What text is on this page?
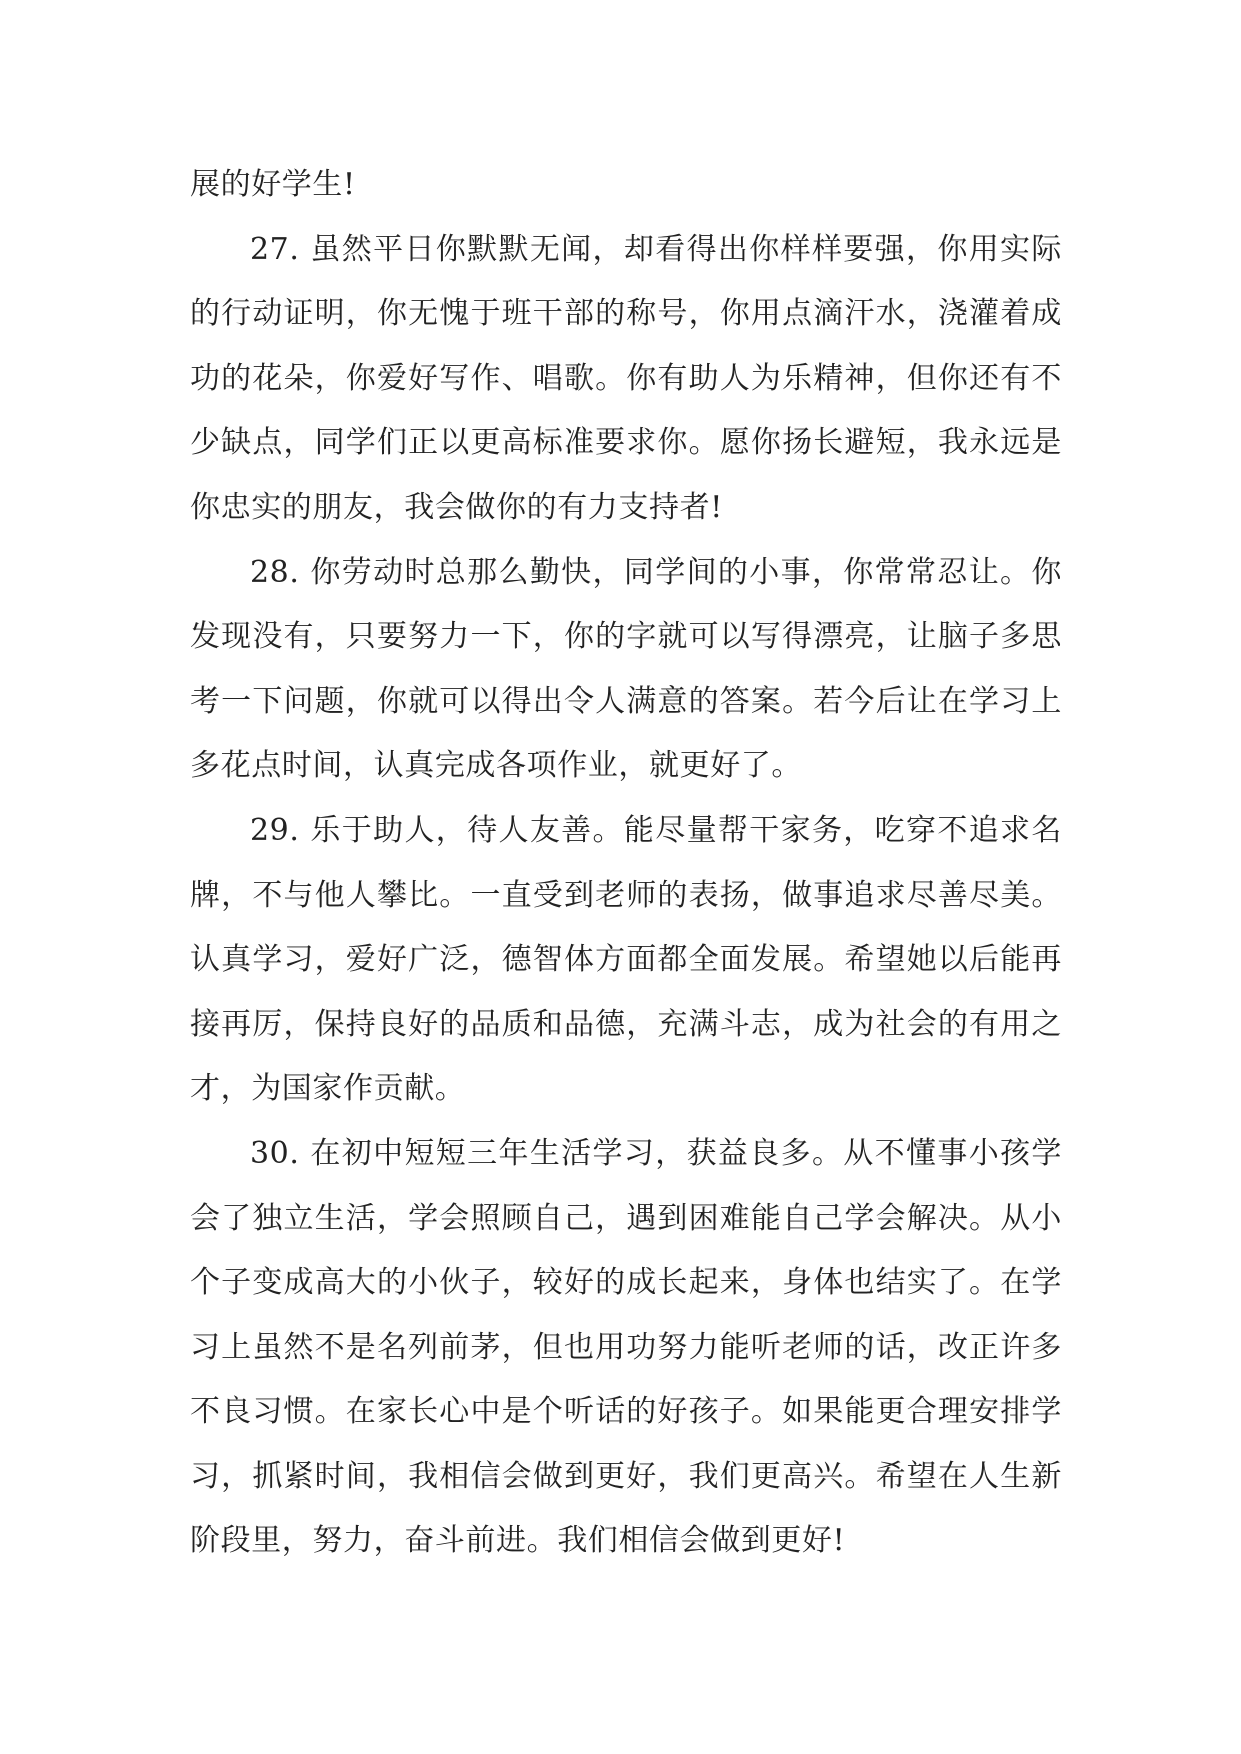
展的好学生!

27. 虽然平日你默默无闻，却看得出你样样要强，你用实际的行动证明，你无愧于班干部的称号，你用点滴汗水，浇灌着成功的花朵，你爱好写作、唱歌。你有助人为乐精神，但你还有不少缺点，同学们正以更高标准要求你。愿你扬长避短，我永远是你忠实的朋友，我会做你的有力支持者!

28. 你劳动时总那么勤快，同学间的小事，你常常忍让。你发现没有，只要努力一下，你的字就可以写得漂亮，让脑子多思考一下问题，你就可以得出令人满意的答案。若今后让在学习上多花点时间，认真完成各项作业，就更好了。

29. 乐于助人，待人友善。能尽量帮干家务，吃穿不追求名牌，不与他人攀比。一直受到老师的表扬，做事追求尽善尽美。认真学习，爱好广泛，德智体方面都全面发展。希望她以后能再接再厉，保持良好的品质和品德，充满斗志，成为社会的有用之才，为国家作贡献。

30. 在初中短短三年生活学习，获益良多。从不懂事小孩学会了独立生活，学会照顾自己，遇到困难能自己学会解决。从小个子变成高大的小伙子，较好的成长起来，身体也结实了。在学习上虽然不是名列前茅，但也用功努力能听老师的话，改正许多不良习惯。在家长心中是个听话的好孩子。如果能更合理安排学习，抓紧时间，我相信会做到更好，我们更高兴。希望在人生新阶段里，努力，奋斗前进。我们相信会做到更好!
